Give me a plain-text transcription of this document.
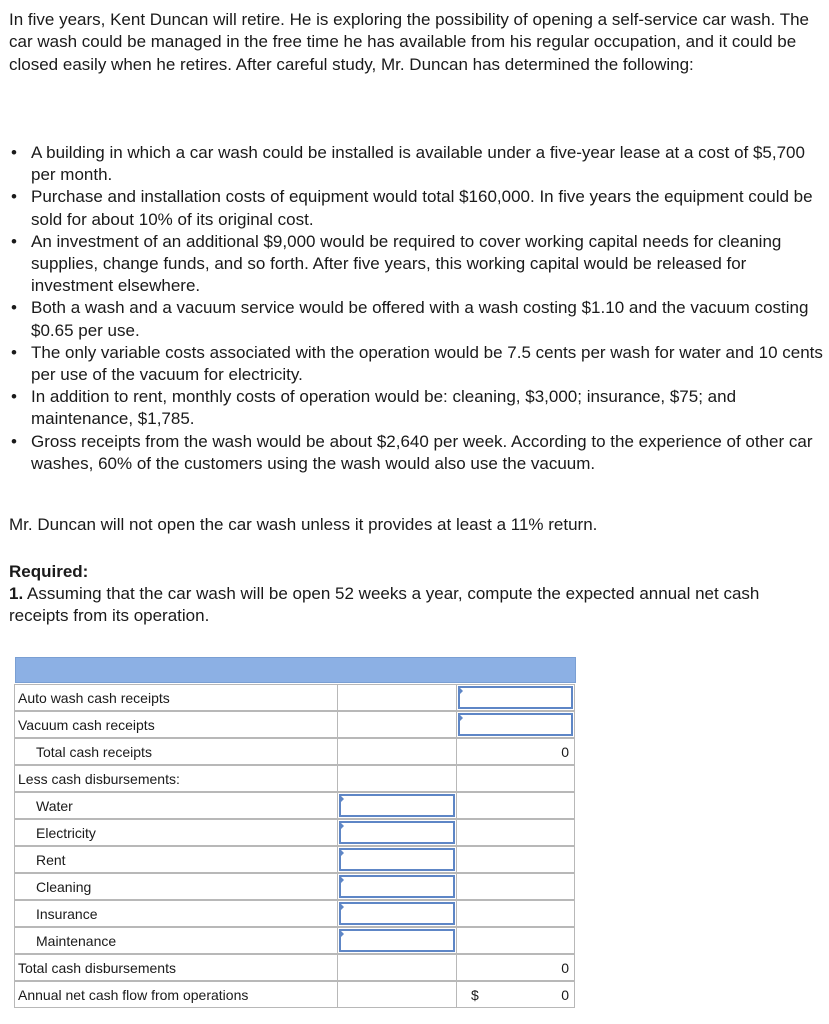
In five years, Kent Duncan will retire. He is exploring the possibility of opening a self-service car wash. The car wash could be managed in the free time he has available from his regular occupation, and it could be closed easily when he retires. After careful study, Mr. Duncan has determined the following:

• A building in which a car wash could be installed is available under a five-year lease at a cost of $5,700 per month.
• Purchase and installation costs of equipment would total $160,000. In five years the equipment could be sold for about 10% of its original cost.
• An investment of an additional $9,000 would be required to cover working capital needs for cleaning supplies, change funds, and so forth. After five years, this working capital would be released for investment elsewhere.
• Both a wash and a vacuum service would be offered with a wash costing $1.10 and the vacuum costing $0.65 per use.
• The only variable costs associated with the operation would be 7.5 cents per wash for water and 10 cents per use of the vacuum for electricity.
• In addition to rent, monthly costs of operation would be: cleaning, $3,000; insurance, $75; and maintenance, $1,785.
• Gross receipts from the wash would be about $2,640 per week. According to the experience of other car washes, 60% of the customers using the wash would also use the vacuum.

Mr. Duncan will not open the car wash unless it provides at least a 11% return.

Required:

1. Assuming that the car wash will be open 52 weeks a year, compute the expected annual net cash receipts from its operation.

Auto wash cash receipts
Vacuum cash receipts
Total cash receipts	0
Less cash disbursements:
Water
Electricity
Rent
Cleaning
Insurance
Maintenance
Total cash disbursements	0
Annual net cash flow from operations	$	0
